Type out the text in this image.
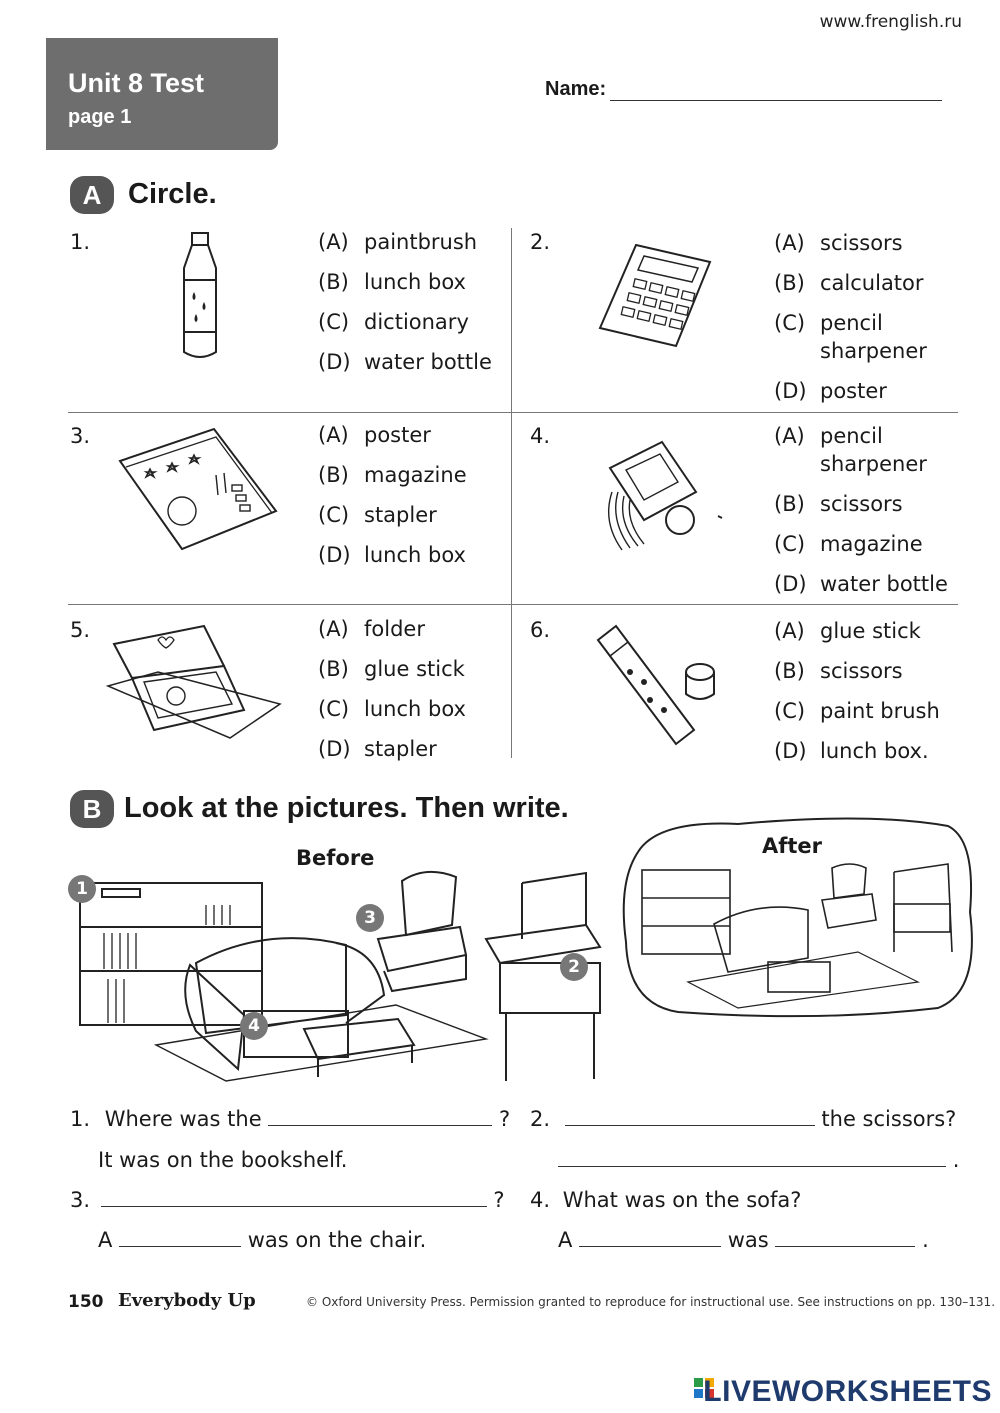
www.frenglish.ru
Unit 8 Test
page 1
Name:
A Circle.
1.	(A) paintbrush
(B) lunch box
(C) dictionary
(D) water bottle
2.	(A) scissors
(B) calculator
(C) pencil
sharpener
(D) poster
3.	(A) poster
(B) magazine
(C) stapler
(D) lunch box
4.	(A) pencil
sharpener
(B) scissors
(C) magazine
(D) water bottle
5.	(A) folder
(B) glue stick
(C) lunch box
(D) stapler
6.	(A) glue stick
(B) scissors
(C) paint brush
(D) lunch box.
B Look at the pictures. Then write.
Before	After
1
2
3
4
1. Where was the	?
It was on the bookshelf.
2.	the scissors?
.
3.	?
A	was on the chair.
4. What was on the sofa?
A	was	.
150 Everybody Up	© Oxford University Press. Permission granted to reproduce for instructional use. See instructions on pp. 130–131.
LIVEWORKSHEETS
